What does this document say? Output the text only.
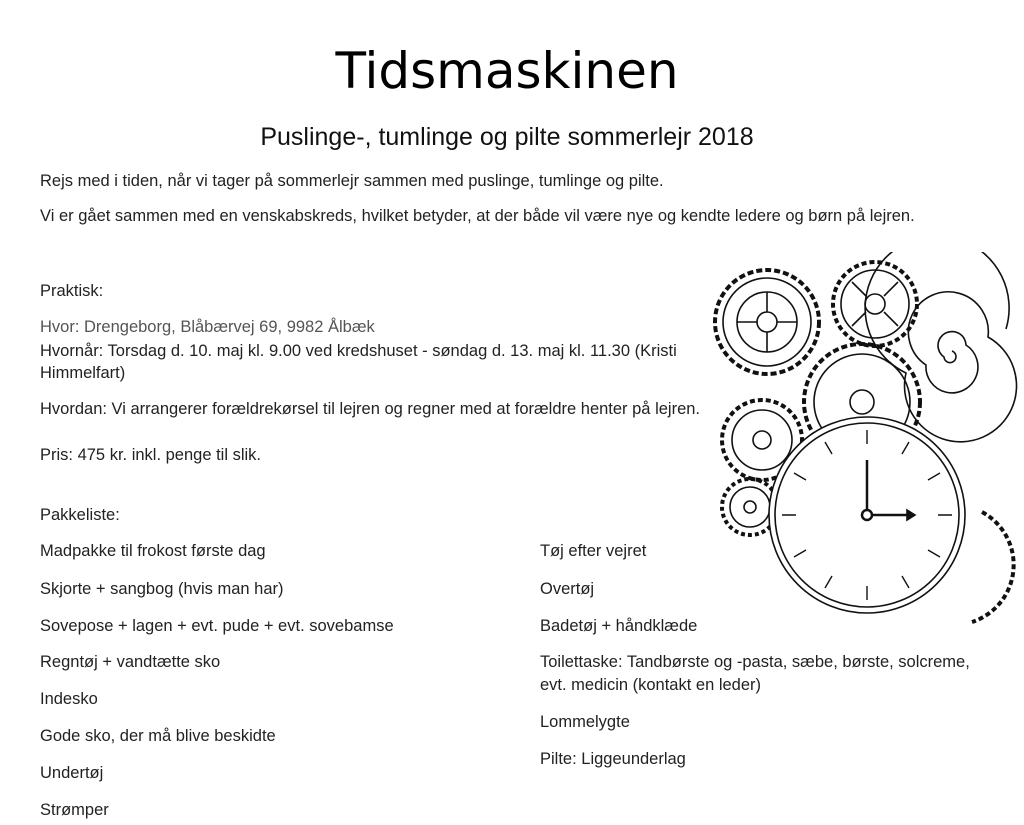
Tidsmaskinen
Puslinge-, tumlinge og pilte sommerlejr 2018
Rejs med i tiden, når vi tager på sommerlejr sammen med puslinge, tumlinge og pilte.
Vi er gået sammen med en venskabskreds, hvilket betyder, at der både vil være nye og kendte ledere og børn på lejren.
Praktisk:
Hvor: Drengeborg, Blåbærvej 69, 9982 Ålbæk
Hvornår: Torsdag d. 10. maj kl. 9.00 ved kredshuset - søndag d. 13. maj kl. 11.30 (Kristi
Himmelfart)
Hvordan: Vi arrangerer forældrekørsel til lejren og regner med at forældre henter på lejren.
Pris: 475 kr. inkl. penge til slik.
Pakkeliste:
Madpakke til frokost første dag
Skjorte + sangbog (hvis man har)
Sovepose + lagen + evt. pude + evt. sovebamse
Regntøj + vandtætte sko
Indesko
Gode sko, der må blive beskidte
Undertøj
Strømper
Tøj efter vejret
Overtøj
Badetøj + håndklæde
Toilettaske: Tandbørste og -pasta, sæbe, børste, solcreme,
evt. medicin (kontakt en leder)
Lommelygte
Pilte: Liggeunderlag
